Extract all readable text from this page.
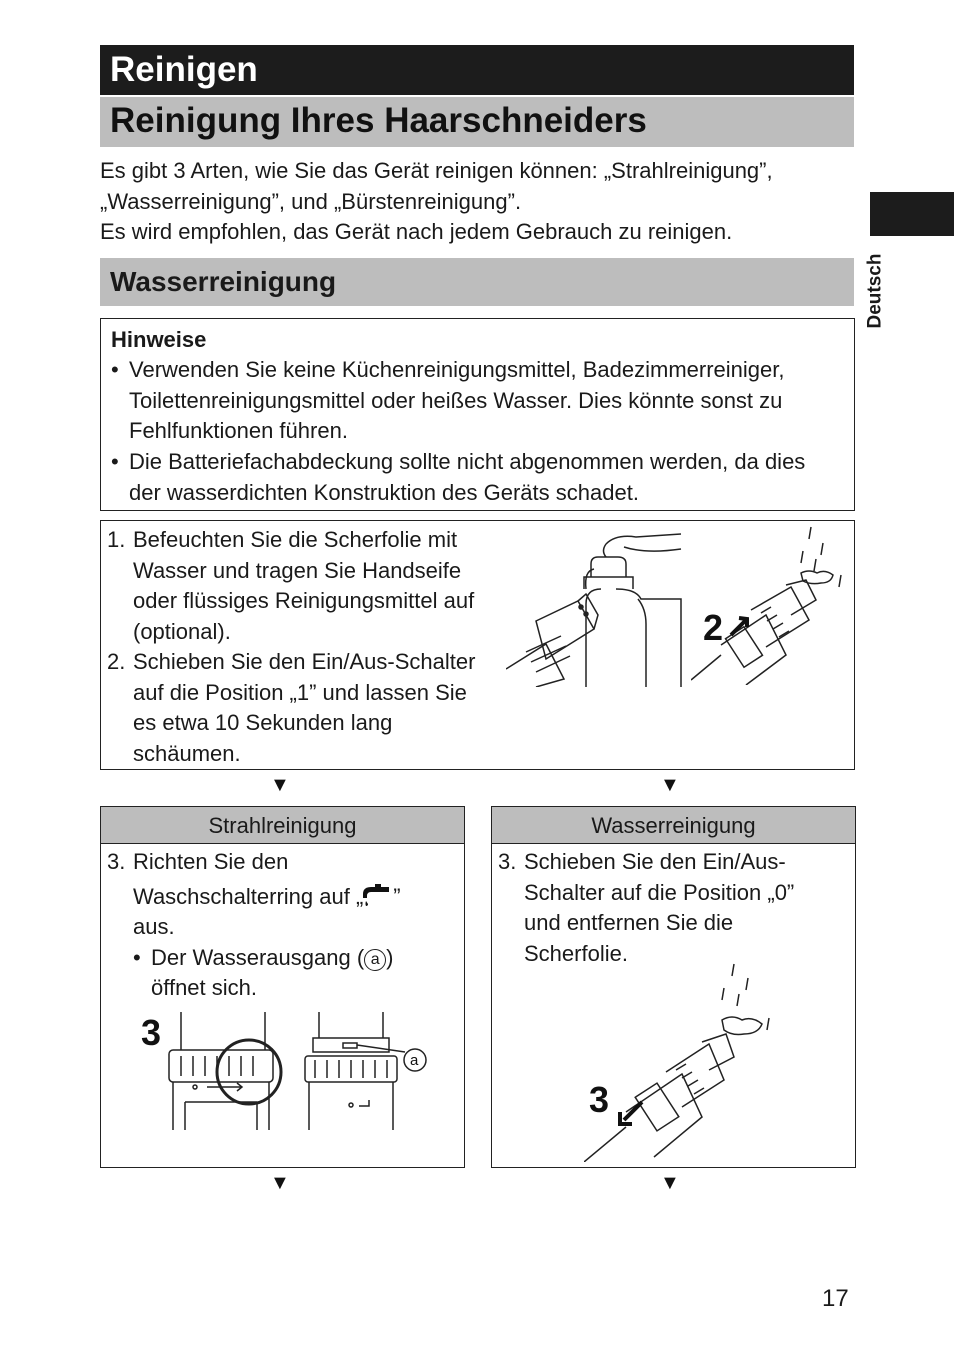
Reinigen
Reinigung Ihres Haarschneiders
Es gibt 3 Arten, wie Sie das Gerät reinigen können: „Strahlreinigung”,
„Wasserreinigung”, und „Bürstenreinigung”.
Es wird empfohlen, das Gerät nach jedem Gebrauch zu reinigen.
Wasserreinigung
Hinweise
• Verwenden Sie keine Küchenreinigungsmittel, Badezimmerreiniger,
Toilettenreinigungsmittel oder heißes Wasser. Dies könnte sonst zu
Fehlfunktionen führen.
• Die Batteriefachabdeckung sollte nicht abgenommen werden, da dies
der wasserdichten Konstruktion des Geräts schadet.
1. Befeuchten Sie die Scherfolie mit
Wasser und tragen Sie Handseife
oder flüssiges Reinigungsmittel auf
(optional).
2. Schieben Sie den Ein/Aus-Schalter
auf die Position „1” und lassen Sie
es etwa 10 Sekunden lang
schäumen.
2
▼	▼
Strahlreinigung
3. Richten Sie den
Waschschalterring auf „ ”
aus.
• Der Wasserausgang ( a )
öffnet sich.
3
a
Wasserreinigung
3. Schieben Sie den Ein/Aus-
Schalter auf die Position „0”
und entfernen Sie die
Scherfolie.
3
▼	▼
Deutsch
17
